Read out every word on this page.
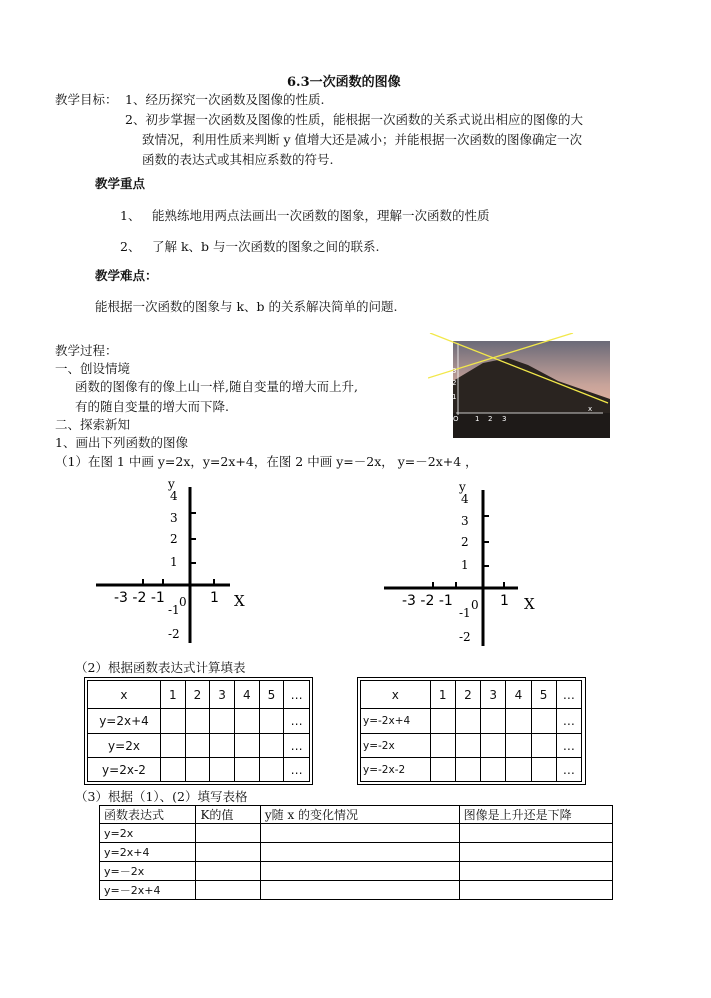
6.3一次函数的图像
教学目标： 1、经历探究一次函数及图像的性质.
2、初步掌握一次函数及图像的性质，能根据一次函数的关系式说出相应的图像的大
致情况，利用性质来判断 y 值增大还是减小；并能根据一次函数的图像确定一次
函数的表达式或其相应系数的符号.
教学重点
1、 能熟练地用两点法画出一次函数的图象，理解一次函数的性质
2、 了解 k、b 与一次函数的图象之间的联系.
教学难点：
能根据一次函数的图象与 k、b 的关系解决简单的问题.
教学过程：
一、创设情境
函数的图像有的像上山一样,随自变量的增大而上升,
有的随自变量的增大而下降.
二、探索新知
1、画出下列函数的图像
（1）在图 1 中画 y=2x，y=2x+4，在图 2 中画 y=－2x， y=－2x+4 ，
3
2
1
O 1 2 3
x
y
4
3
2
1
-1
-2
-3 -2 -1 0 1 X
y
4
3
2
1
-1
-2
-3 -2 -1 0 1 X
（2）根据函数表达式计算填表
x	1	2	3	4	5	…
y=2x+4						…
y=2x						…
y=2x-2						…
x	1	2	3	4	5	…
y=-2x+4						…
y=-2x						…
y=-2x-2						…
（3）根据（1）、(2）填写表格
函数表达式	K的值	y随 x 的变化情况	图像是上升还是下降
y=2x			
y=2x+4			
y=－2x			
y=－2x+4			
